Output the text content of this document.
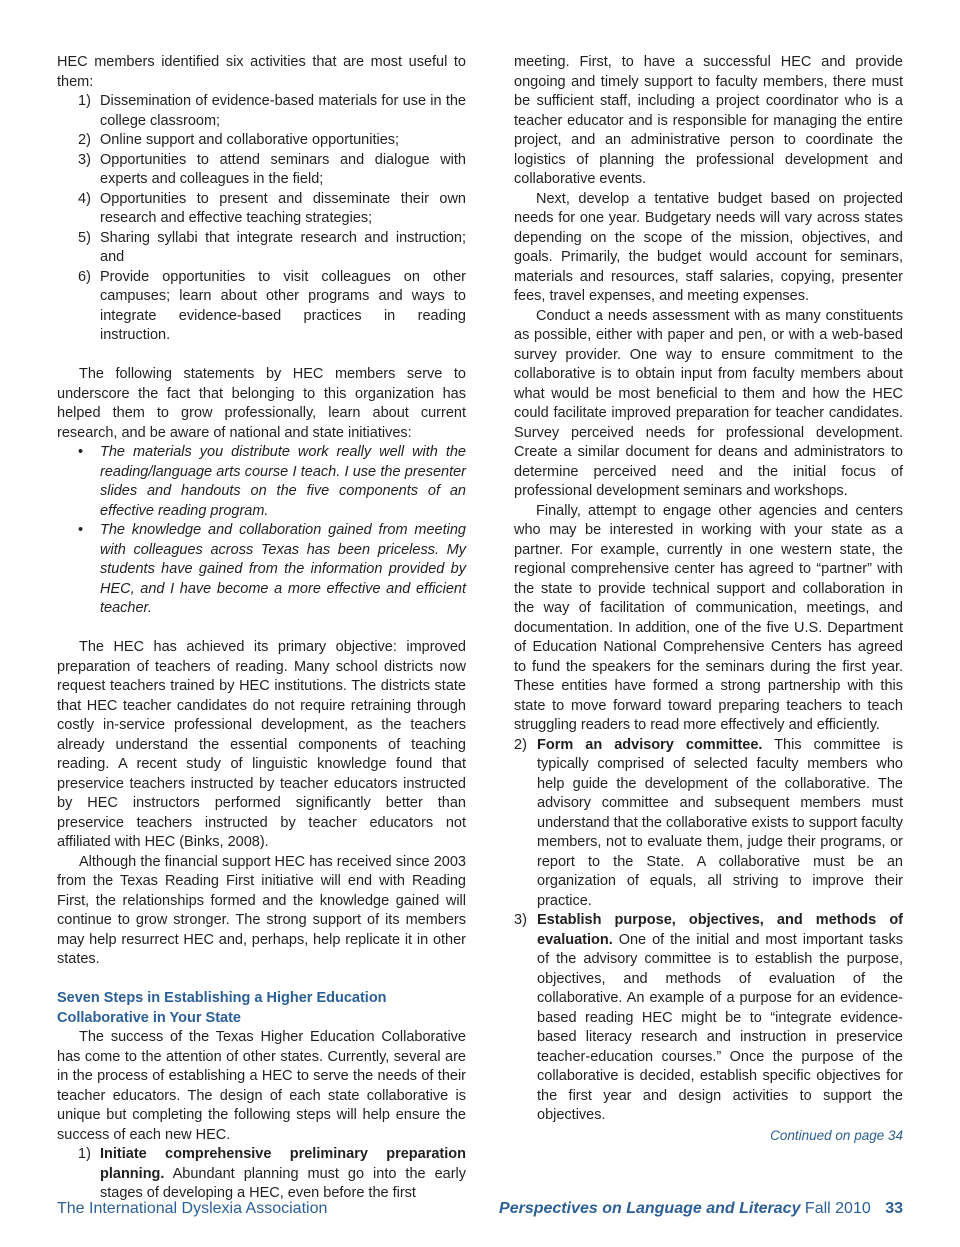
HEC members identified six activities that are most useful to them:

1) Dissemination of evidence-based materials for use in the college classroom;
2) Online support and collaborative opportunities;
3) Opportunities to attend seminars and dialogue with experts and colleagues in the field;
4) Opportunities to present and disseminate their own research and effective teaching strategies;
5) Sharing syllabi that integrate research and instruction; and
6) Provide opportunities to visit colleagues on other campuses; learn about other programs and ways to integrate evidence-based practices in reading instruction.

The following statements by HEC members serve to underscore the fact that belonging to this organization has helped them to grow professionally, learn about current research, and be aware of national and state initiatives:

• The materials you distribute work really well with the reading/language arts course I teach. I use the presenter slides and handouts on the five components of an effective reading program.
• The knowledge and collaboration gained from meeting with colleagues across Texas has been priceless. My students have gained from the information provided by HEC, and I have become a more effective and efficient teacher.

The HEC has achieved its primary objective: improved preparation of teachers of reading. Many school districts now request teachers trained by HEC institutions. The districts state that HEC teacher candidates do not require retraining through costly in-service professional development, as the teachers already understand the essential components of teaching reading. A recent study of linguistic knowledge found that preservice teachers instructed by teacher educators instructed by HEC instructors performed significantly better than preservice teachers instructed by teacher educators not affiliated with HEC (Binks, 2008).

Although the financial support HEC has received since 2003 from the Texas Reading First initiative will end with Reading First, the relationships formed and the knowledge gained will continue to grow stronger. The strong support of its members may help resurrect HEC and, perhaps, help replicate it in other states.

Seven Steps in Establishing a Higher Education
Collaborative in Your State

The success of the Texas Higher Education Collaborative has come to the attention of other states. Currently, several are in the process of establishing a HEC to serve the needs of their teacher educators. The design of each state collaborative is unique but completing the following steps will help ensure the success of each new HEC.

1) Initiate comprehensive preliminary preparation planning. Abundant planning must go into the early stages of developing a HEC, even before the first

meeting. First, to have a successful HEC and provide ongoing and timely support to faculty members, there must be sufficient staff, including a project coordinator who is a teacher educator and is responsible for managing the entire project, and an administrative person to coordinate the logistics of planning the professional development and collaborative events.

Next, develop a tentative budget based on projected needs for one year. Budgetary needs will vary across states depending on the scope of the mission, objectives, and goals. Primarily, the budget would account for seminars, materials and resources, staff salaries, copying, presenter fees, travel expenses, and meeting expenses.

Conduct a needs assessment with as many constituents as possible, either with paper and pen, or with a web-based survey provider. One way to ensure commitment to the collaborative is to obtain input from faculty members about what would be most beneficial to them and how the HEC could facilitate improved preparation for teacher candidates. Survey perceived needs for professional development. Create a similar document for deans and administrators to determine perceived need and the initial focus of professional development seminars and workshops.

Finally, attempt to engage other agencies and centers who may be interested in working with your state as a partner. For example, currently in one western state, the regional comprehensive center has agreed to “partner” with the state to provide technical support and collaboration in the way of facilitation of communication, meetings, and documentation. In addition, one of the five U.S. Department of Education National Comprehensive Centers has agreed to fund the speakers for the seminars during the first year. These entities have formed a strong partnership with this state to move forward toward preparing teachers to teach struggling readers to read more effectively and efficiently.

2) Form an advisory committee. This committee is typically comprised of selected faculty members who help guide the development of the collaborative. The advisory committee and subsequent members must understand that the collaborative exists to support faculty members, not to evaluate them, judge their programs, or report to the State. A collaborative must be an organization of equals, all striving to improve their practice.
3) Establish purpose, objectives, and methods of evaluation. One of the initial and most important tasks of the advisory committee is to establish the purpose, objectives, and methods of evaluation of the collaborative. An example of a purpose for an evidence-based reading HEC might be to “integrate evidence-based literacy research and instruction in preservice teacher-education courses.” Once the purpose of the collaborative is decided, establish specific objectives for the first year and design activities to support the objectives.

Continued on page 34

The International Dyslexia Association	Perspectives on Language and Literacy Fall 2010 33
